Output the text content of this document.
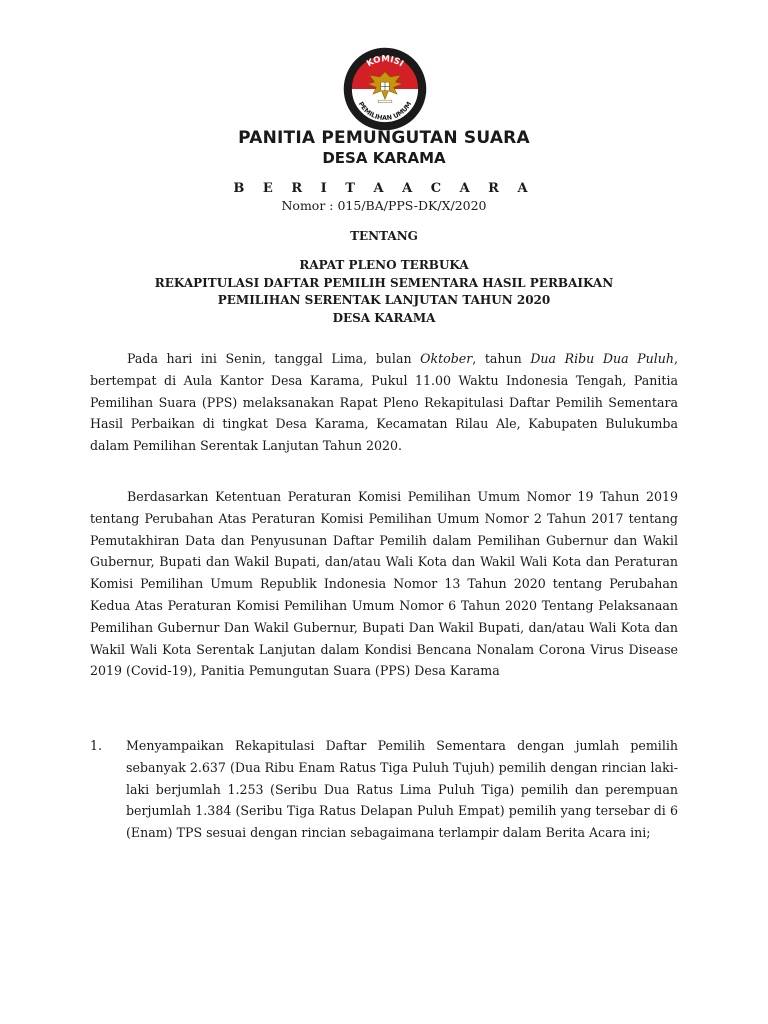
KOMISI
PEMILIHAN UMUM
PANITIA PEMUNGUTAN SUARA
DESA KARAMA
B E R I T A A C A R A
Nomor : 015/BA/PPS-DK/X/2020
TENTANG
RAPAT PLENO TERBUKA
REKAPITULASI DAFTAR PEMILIH SEMENTARA HASIL PERBAIKAN
PEMILIHAN SERENTAK LANJUTAN TAHUN 2020
DESA KARAMA
Pada hari ini Senin, tanggal Lima, bulan Oktober, tahun Dua Ribu Dua Puluh, bertempat di Aula Kantor Desa Karama, Pukul 11.00 Waktu Indonesia Tengah, Panitia Pemilihan Suara (PPS) melaksanakan Rapat Pleno Rekapitulasi Daftar Pemilih Sementara Hasil Perbaikan di tingkat Desa Karama, Kecamatan Rilau Ale, Kabupaten Bulukumba dalam Pemilihan Serentak Lanjutan Tahun 2020.
Berdasarkan Ketentuan Peraturan Komisi Pemilihan Umum Nomor 19 Tahun 2019 tentang Perubahan Atas Peraturan Komisi Pemilihan Umum Nomor 2 Tahun 2017 tentang Pemutakhiran Data dan Penyusunan Daftar Pemilih dalam Pemilihan Gubernur dan Wakil Gubernur, Bupati dan Wakil Bupati, dan/atau Wali Kota dan Wakil Wali Kota dan Peraturan Komisi Pemilihan Umum Republik Indonesia Nomor 13 Tahun 2020 tentang Perubahan Kedua Atas Peraturan Komisi Pemilihan Umum Nomor 6 Tahun 2020 Tentang Pelaksanaan Pemilihan Gubernur Dan Wakil Gubernur, Bupati Dan Wakil Bupati, dan/atau Wali Kota dan Wakil Wali Kota Serentak Lanjutan dalam Kondisi Bencana Nonalam Corona Virus Disease 2019 (Covid-19), Panitia Pemungutan Suara (PPS) Desa Karama
1. Menyampaikan Rekapitulasi Daftar Pemilih Sementara dengan jumlah pemilih sebanyak 2.637 (Dua Ribu Enam Ratus Tiga Puluh Tujuh) pemilih dengan rincian laki-laki berjumlah 1.253 (Seribu Dua Ratus Lima Puluh Tiga) pemilih dan perempuan berjumlah 1.384 (Seribu Tiga Ratus Delapan Puluh Empat) pemilih yang tersebar di 6 (Enam) TPS sesuai dengan rincian sebagaimana terlampir dalam Berita Acara ini;
